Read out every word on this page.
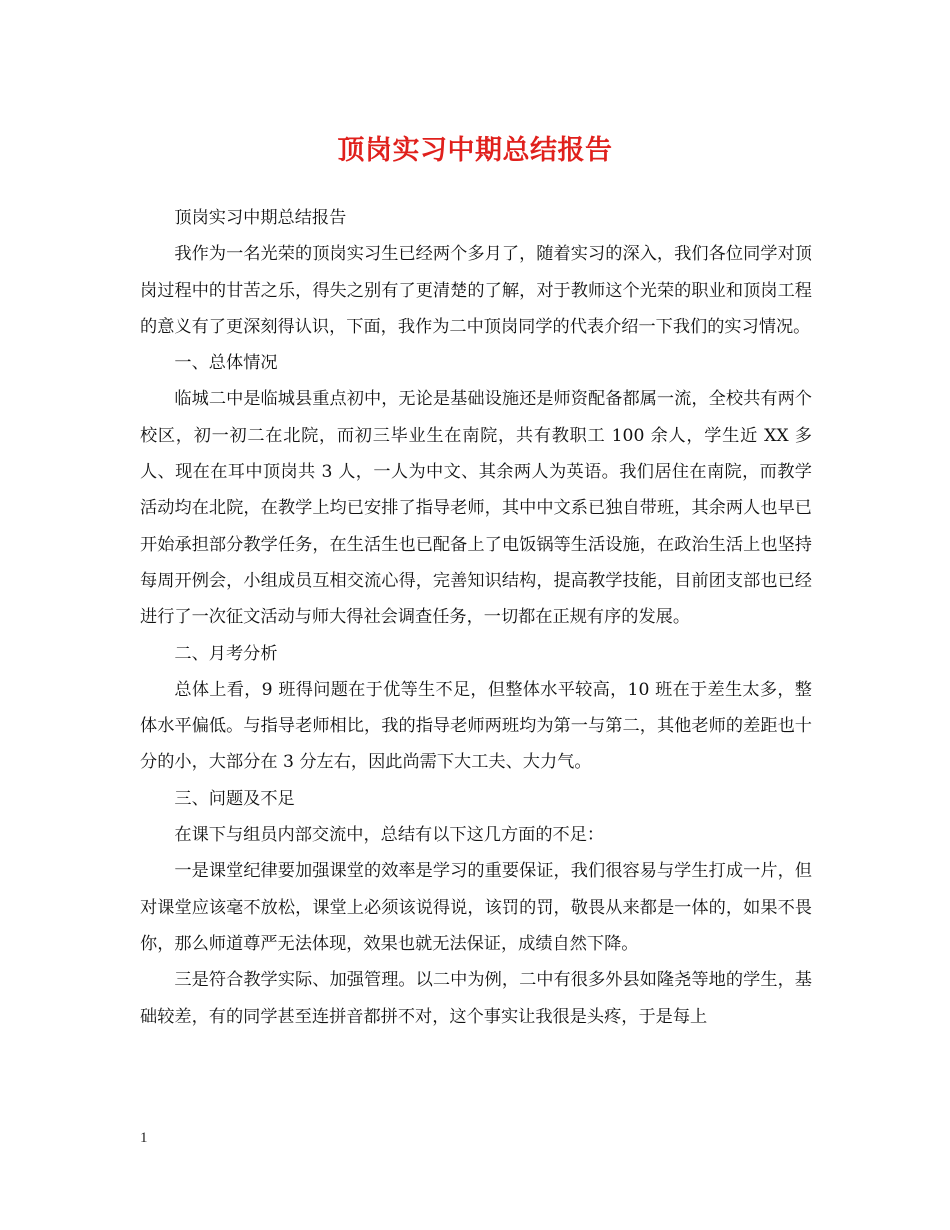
顶岗实习中期总结报告

顶岗实习中期总结报告

我作为一名光荣的顶岗实习生已经两个多月了，随着实习的深入，我们各位同学对顶岗过程中的甘苦之乐，得失之别有了更清楚的了解，对于教师这个光荣的职业和顶岗工程的意义有了更深刻得认识，下面，我作为二中顶岗同学的代表介绍一下我们的实习情况。

一、总体情况

临城二中是临城县重点初中，无论是基础设施还是师资配备都属一流，全校共有两个校区，初一初二在北院，而初三毕业生在南院，共有教职工 100 余人，学生近 XX 多人、现在在耳中顶岗共 3 人，一人为中文、其余两人为英语。我们居住在南院，而教学活动均在北院，在教学上均已安排了指导老师，其中中文系已独自带班，其余两人也早已开始承担部分教学任务，在生活生也已配备上了电饭锅等生活设施，在政治生活上也坚持每周开例会，小组成员互相交流心得，完善知识结构，提高教学技能，目前团支部也已经进行了一次征文活动与师大得社会调查任务，一切都在正规有序的发展。

二、月考分析

总体上看，9 班得问题在于优等生不足，但整体水平较高，10 班在于差生太多，整体水平偏低。与指导老师相比，我的指导老师两班均为第一与第二，其他老师的差距也十分的小，大部分在 3 分左右，因此尚需下大工夫、大力气。

三、问题及不足

在课下与组员内部交流中，总结有以下这几方面的不足：

一是课堂纪律要加强课堂的效率是学习的重要保证，我们很容易与学生打成一片，但对课堂应该毫不放松，课堂上必须该说得说，该罚的罚，敬畏从来都是一体的，如果不畏你，那么师道尊严无法体现，效果也就无法保证，成绩自然下降。

三是符合教学实际、加强管理。以二中为例，二中有很多外县如隆尧等地的学生，基础较差，有的同学甚至连拼音都拼不对，这个事实让我很是头疼，于是每上

1
